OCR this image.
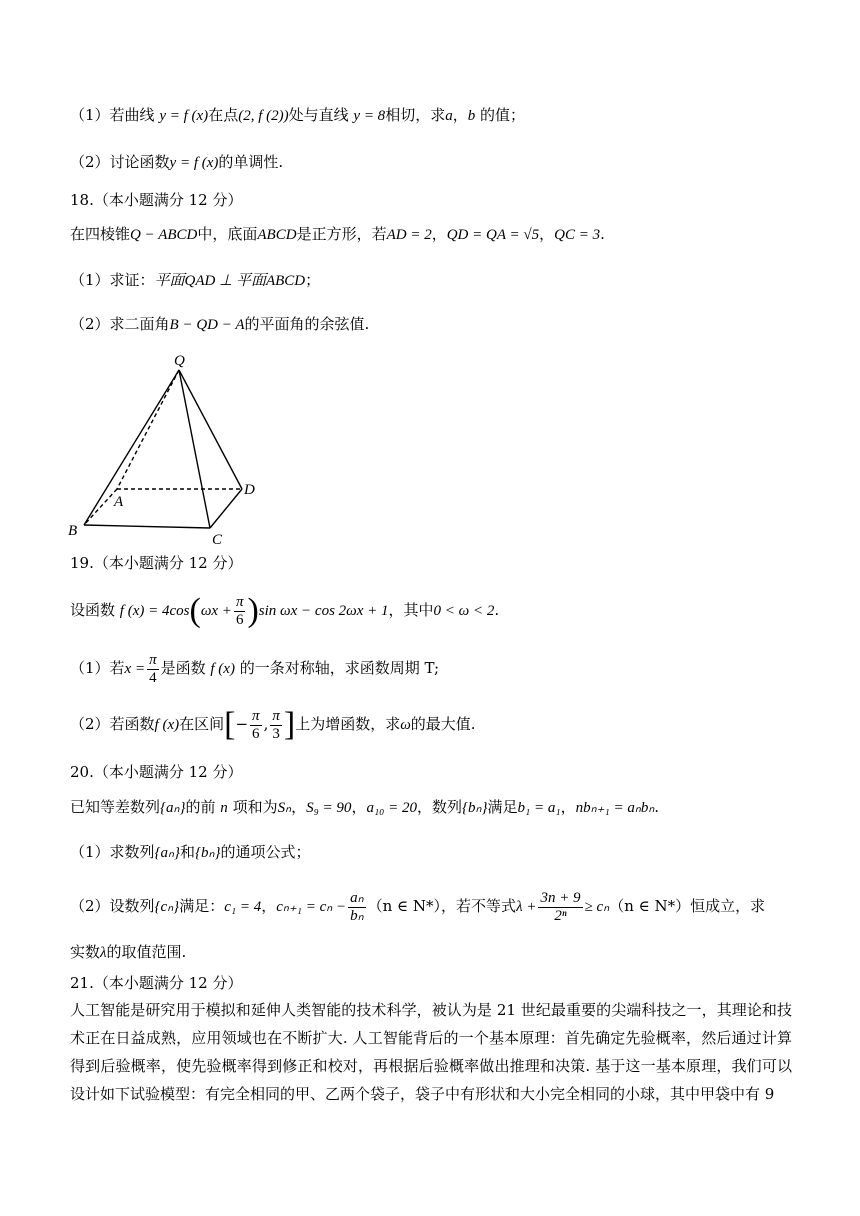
（1）若曲线 y = f (x)在点(2, f (2))处与直线 y = 8相切，求a，b 的值；
（2）讨论函数y = f (x)的单调性.
18.（本小题满分 12 分）
在四棱锥Q − ABCD中，底面ABCD是正方形，若AD = 2，QD = QA = √5，QC = 3.
（1）求证：平面QAD ⊥ 平面ABCD；
（2）求二面角B − QD − A的平面角的余弦值.
Q
A
B
C
D
19.（本小题满分 12 分）
设函数 f $(x) = 4\cos(\omega x + \frac{\pi}{6} )\sin$ ωx − cos 2ωx + 1，其中0 < ω < 2.
（1）若$x = \frac{\pi}{4}$ 是函数 f (x) 的一条对称轴，求函数周期 T;
（2）若函数f (x)在区间[− $\frac{\pi}{6}$ , $\frac{\pi}{3}$ ]上为增函数，求ω的最大值.
20.（本小题满分 12 分）
已知等差数列{aₙ}的前 n 项和为Sₙ，S₉ = 90，a₁₀ = 20，数列{bₙ}满足b₁ = a₁，nbₙ₊₁ = aₙbₙ.
（1）求数列{aₙ}和{bₙ}的通项公式；
（2）设数列{cₙ}满足：c₁ = 4，$c_{n+1} = c_n - \frac{\text{aₙ}}{\text{bₙ}} (n$ ∈ N*），若不等式$\lambda + \frac{3n + 9}{\text{2ⁿ}} \ge c_n(n$ ∈ N*）恒成立，求
实数λ的取值范围.
21.（本小题满分 12 分）
人工智能是研究用于模拟和延伸人类智能的技术科学，被认为是 21 世纪最重要的尖端科技之一，其理论和技术正在日益成熟，应用领域也在不断扩大. 人工智能背后的一个基本原理：首先确定先验概率，然后通过计算得到后验概率，使先验概率得到修正和校对，再根据后验概率做出推理和决策. 基于这一基本原理，我们可以设计如下试验模型：有完全相同的甲、乙两个袋子，袋子中有形状和大小完全相同的小球，其中甲袋中有 9
